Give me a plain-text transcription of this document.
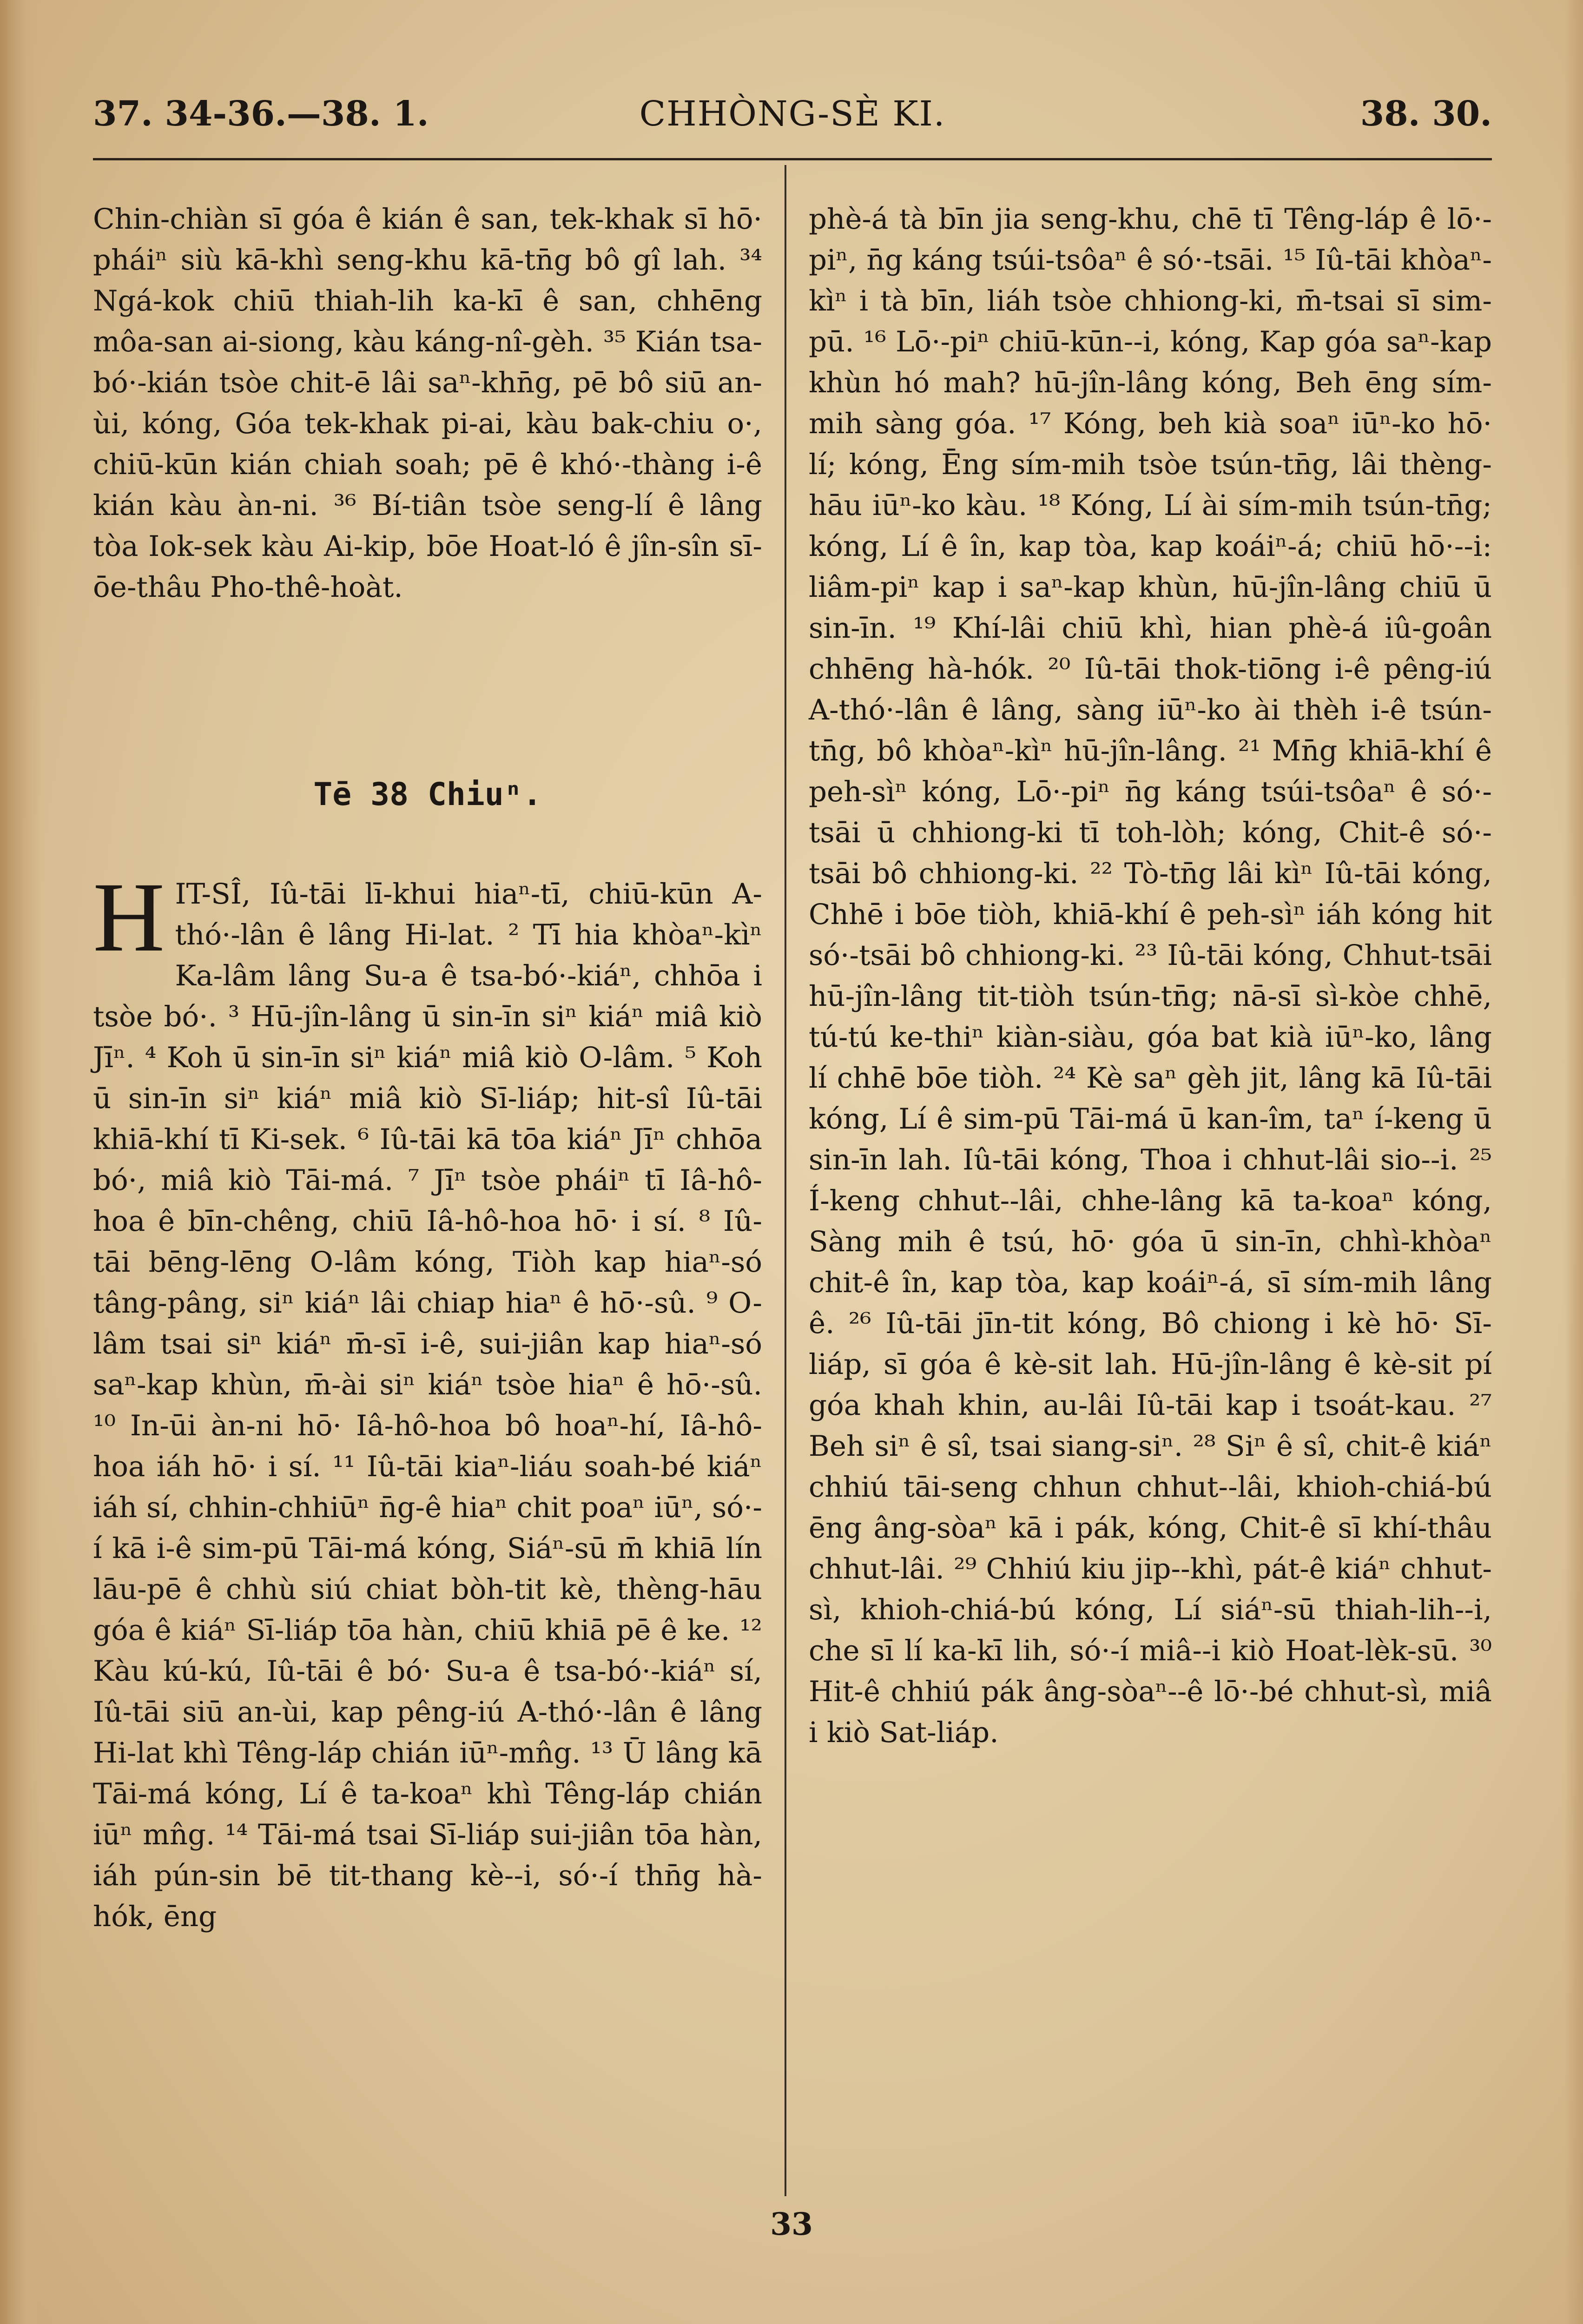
37. 34-36.—38. 1.	CHHÒNG-SÈ KI.	38. 30.

Chin-chiàn sī góa ê kián ê san, tek-khak sī hō· pháiⁿ siù kā-khì seng-khu kā-tn̄g bô gî lah. ³⁴ Ngá-kok chiū thiah-lih ka-kī ê san, chhēng môa-san ai-siong, kàu káng-nî-gèh. ³⁵ Kián tsa-bó·-kián tsòe chit-ē lâi saⁿ-khn̄g, pē bô siū an-ùi, kóng, Góa tek-khak pi-ai, kàu bak-chiu o·, chiū-kūn kián chiah soah; pē ê khó·-thàng i-ê kián kàu àn-ni. ³⁶ Bí-tiân tsòe seng-lí ê lâng tòa Iok-sek kàu Ai-kip, bōe Hoat-ló ê jîn-sîn sī-ōe-thâu Pho-thê-hoàt.

Tē 38 Chiuⁿ.
H IT-SÎ, Iû-tāi lī-khui hiaⁿ-tī, chiū-kūn A-thó·-lân ê lâng Hi-lat. ² Tī hia khòaⁿ-kìⁿ Ka-lâm lâng Su-a ê tsa-bó·-kiáⁿ, chhōa i tsòe bó·. ³ Hū-jîn-lâng ū sin-īn siⁿ kiáⁿ miâ kiò Jīⁿ. ⁴ Koh ū sin-īn siⁿ kiáⁿ miâ kiò O-lâm. ⁵ Koh ū sin-īn siⁿ kiáⁿ miâ kiò Sī-liáp; hit-sî Iû-tāi khiā-khí tī Ki-sek. ⁶ Iû-tāi kā tōa kiáⁿ Jīⁿ chhōa bó·, miâ kiò Tāi-má. ⁷ Jīⁿ tsòe pháiⁿ tī Iâ-hô-hoa ê bīn-chêng, chiū Iâ-hô-hoa hō· i sí. ⁸ Iû-tāi bēng-lēng O-lâm kóng, Tiòh kap hiaⁿ-só tâng-pâng, siⁿ kiáⁿ lâi chiap hiaⁿ ê hō·-sû. ⁹ O-lâm tsai siⁿ kiáⁿ m̄-sī i-ê, sui-jiân kap hiaⁿ-só saⁿ-kap khùn, m̄-ài siⁿ kiáⁿ tsòe hiaⁿ ê hō·-sû. ¹⁰ In-ūi àn-ni hō· Iâ-hô-hoa bô hoaⁿ-hí, Iâ-hô-hoa iáh hō· i sí. ¹¹ Iû-tāi kiaⁿ-liáu soah-bé kiáⁿ iáh sí, chhin-chhiūⁿ n̄g-ê hiaⁿ chit poaⁿ iūⁿ, só·-í kā i-ê sim-pū Tāi-má kóng, Siáⁿ-sū m̄ khiā lín lāu-pē ê chhù siú chiat bòh-tit kè, thèng-hāu góa ê kiáⁿ Sī-liáp tōa hàn, chiū khiā pē ê ke. ¹² Kàu kú-kú, Iû-tāi ê bó· Su-a ê tsa-bó·-kiáⁿ sí, Iû-tāi siū an-ùi, kap pêng-iú A-thó·-lân ê lâng Hi-lat khì Têng-láp chián iūⁿ-mn̂g. ¹³ Ū lâng kā Tāi-má kóng, Lí ê ta-koaⁿ khì Têng-láp chián iūⁿ mn̂g. ¹⁴ Tāi-má tsai Sī-liáp sui-jiân tōa hàn, iáh pún-sin bē tit-thang kè--i, só·-í thn̄g hà-hók, ēng

phè-á tà bīn jia seng-khu, chē tī Têng-láp ê lō·-piⁿ, n̄g káng tsúi-tsôaⁿ ê só·-tsāi. ¹⁵ Iû-tāi khòaⁿ-kìⁿ i tà bīn, liáh tsòe chhiong-ki, m̄-tsai sī sim-pū. ¹⁶ Lō·-piⁿ chiū-kūn--i, kóng, Kap góa saⁿ-kap khùn hó mah? hū-jîn-lâng kóng, Beh ēng sím-mih sàng góa. ¹⁷ Kóng, beh kià soaⁿ iūⁿ-ko hō· lí; kóng, Ēng sím-mih tsòe tsún-tn̄g, lâi thèng-hāu iūⁿ-ko kàu. ¹⁸ Kóng, Lí ài sím-mih tsún-tn̄g; kóng, Lí ê în, kap tòa, kap koáiⁿ-á; chiū hō·--i: liâm-piⁿ kap i saⁿ-kap khùn, hū-jîn-lâng chiū ū sin-īn. ¹⁹ Khí-lâi chiū khì, hian phè-á iû-goân chhēng hà-hók. ²⁰ Iû-tāi thok-tiōng i-ê pêng-iú A-thó·-lân ê lâng, sàng iūⁿ-ko ài thèh i-ê tsún-tn̄g, bô khòaⁿ-kìⁿ hū-jîn-lâng. ²¹ Mn̄g khiā-khí ê peh-sìⁿ kóng, Lō·-piⁿ n̄g káng tsúi-tsôaⁿ ê só·-tsāi ū chhiong-ki tī toh-lòh; kóng, Chit-ê só·-tsāi bô chhiong-ki. ²² Tò-tn̄g lâi kìⁿ Iû-tāi kóng, Chhē i bōe tiòh, khiā-khí ê peh-sìⁿ iáh kóng hit só·-tsāi bô chhiong-ki. ²³ Iû-tāi kóng, Chhut-tsāi hū-jîn-lâng tit-tiòh tsún-tn̄g; nā-sī sì-kòe chhē, tú-tú ke-thiⁿ kiàn-siàu, góa bat kià iūⁿ-ko, lâng lí chhē bōe tiòh. ²⁴ Kè saⁿ gèh jit, lâng kā Iû-tāi kóng, Lí ê sim-pū Tāi-má ū kan-îm, taⁿ í-keng ū sin-īn lah. Iû-tāi kóng, Thoa i chhut-lâi sio--i. ²⁵ Í-keng chhut--lâi, chhe-lâng kā ta-koaⁿ kóng, Sàng mih ê tsú, hō· góa ū sin-īn, chhì-khòaⁿ chit-ê în, kap tòa, kap koáiⁿ-á, sī sím-mih lâng ê. ²⁶ Iû-tāi jīn-tit kóng, Bô chiong i kè hō· Sī-liáp, sī góa ê kè-sit lah. Hū-jîn-lâng ê kè-sit pí góa khah khin, au-lâi Iû-tāi kap i tsoát-kau. ²⁷ Beh siⁿ ê sî, tsai siang-siⁿ. ²⁸ Siⁿ ê sî, chit-ê kiáⁿ chhiú tāi-seng chhun chhut--lâi, khioh-chiá-bú ēng âng-sòaⁿ kā i pák, kóng, Chit-ê sī khí-thâu chhut-lâi. ²⁹ Chhiú kiu jip--khì, pát-ê kiáⁿ chhut-sì, khioh-chiá-bú kóng, Lí siáⁿ-sū thiah-lih--i, che sī lí ka-kī lih, só·-í miâ--i kiò Hoat-lèk-sū. ³⁰ Hit-ê chhiú pák âng-sòaⁿ--ê lō·-bé chhut-sì, miâ i kiò Sat-liáp.

33
